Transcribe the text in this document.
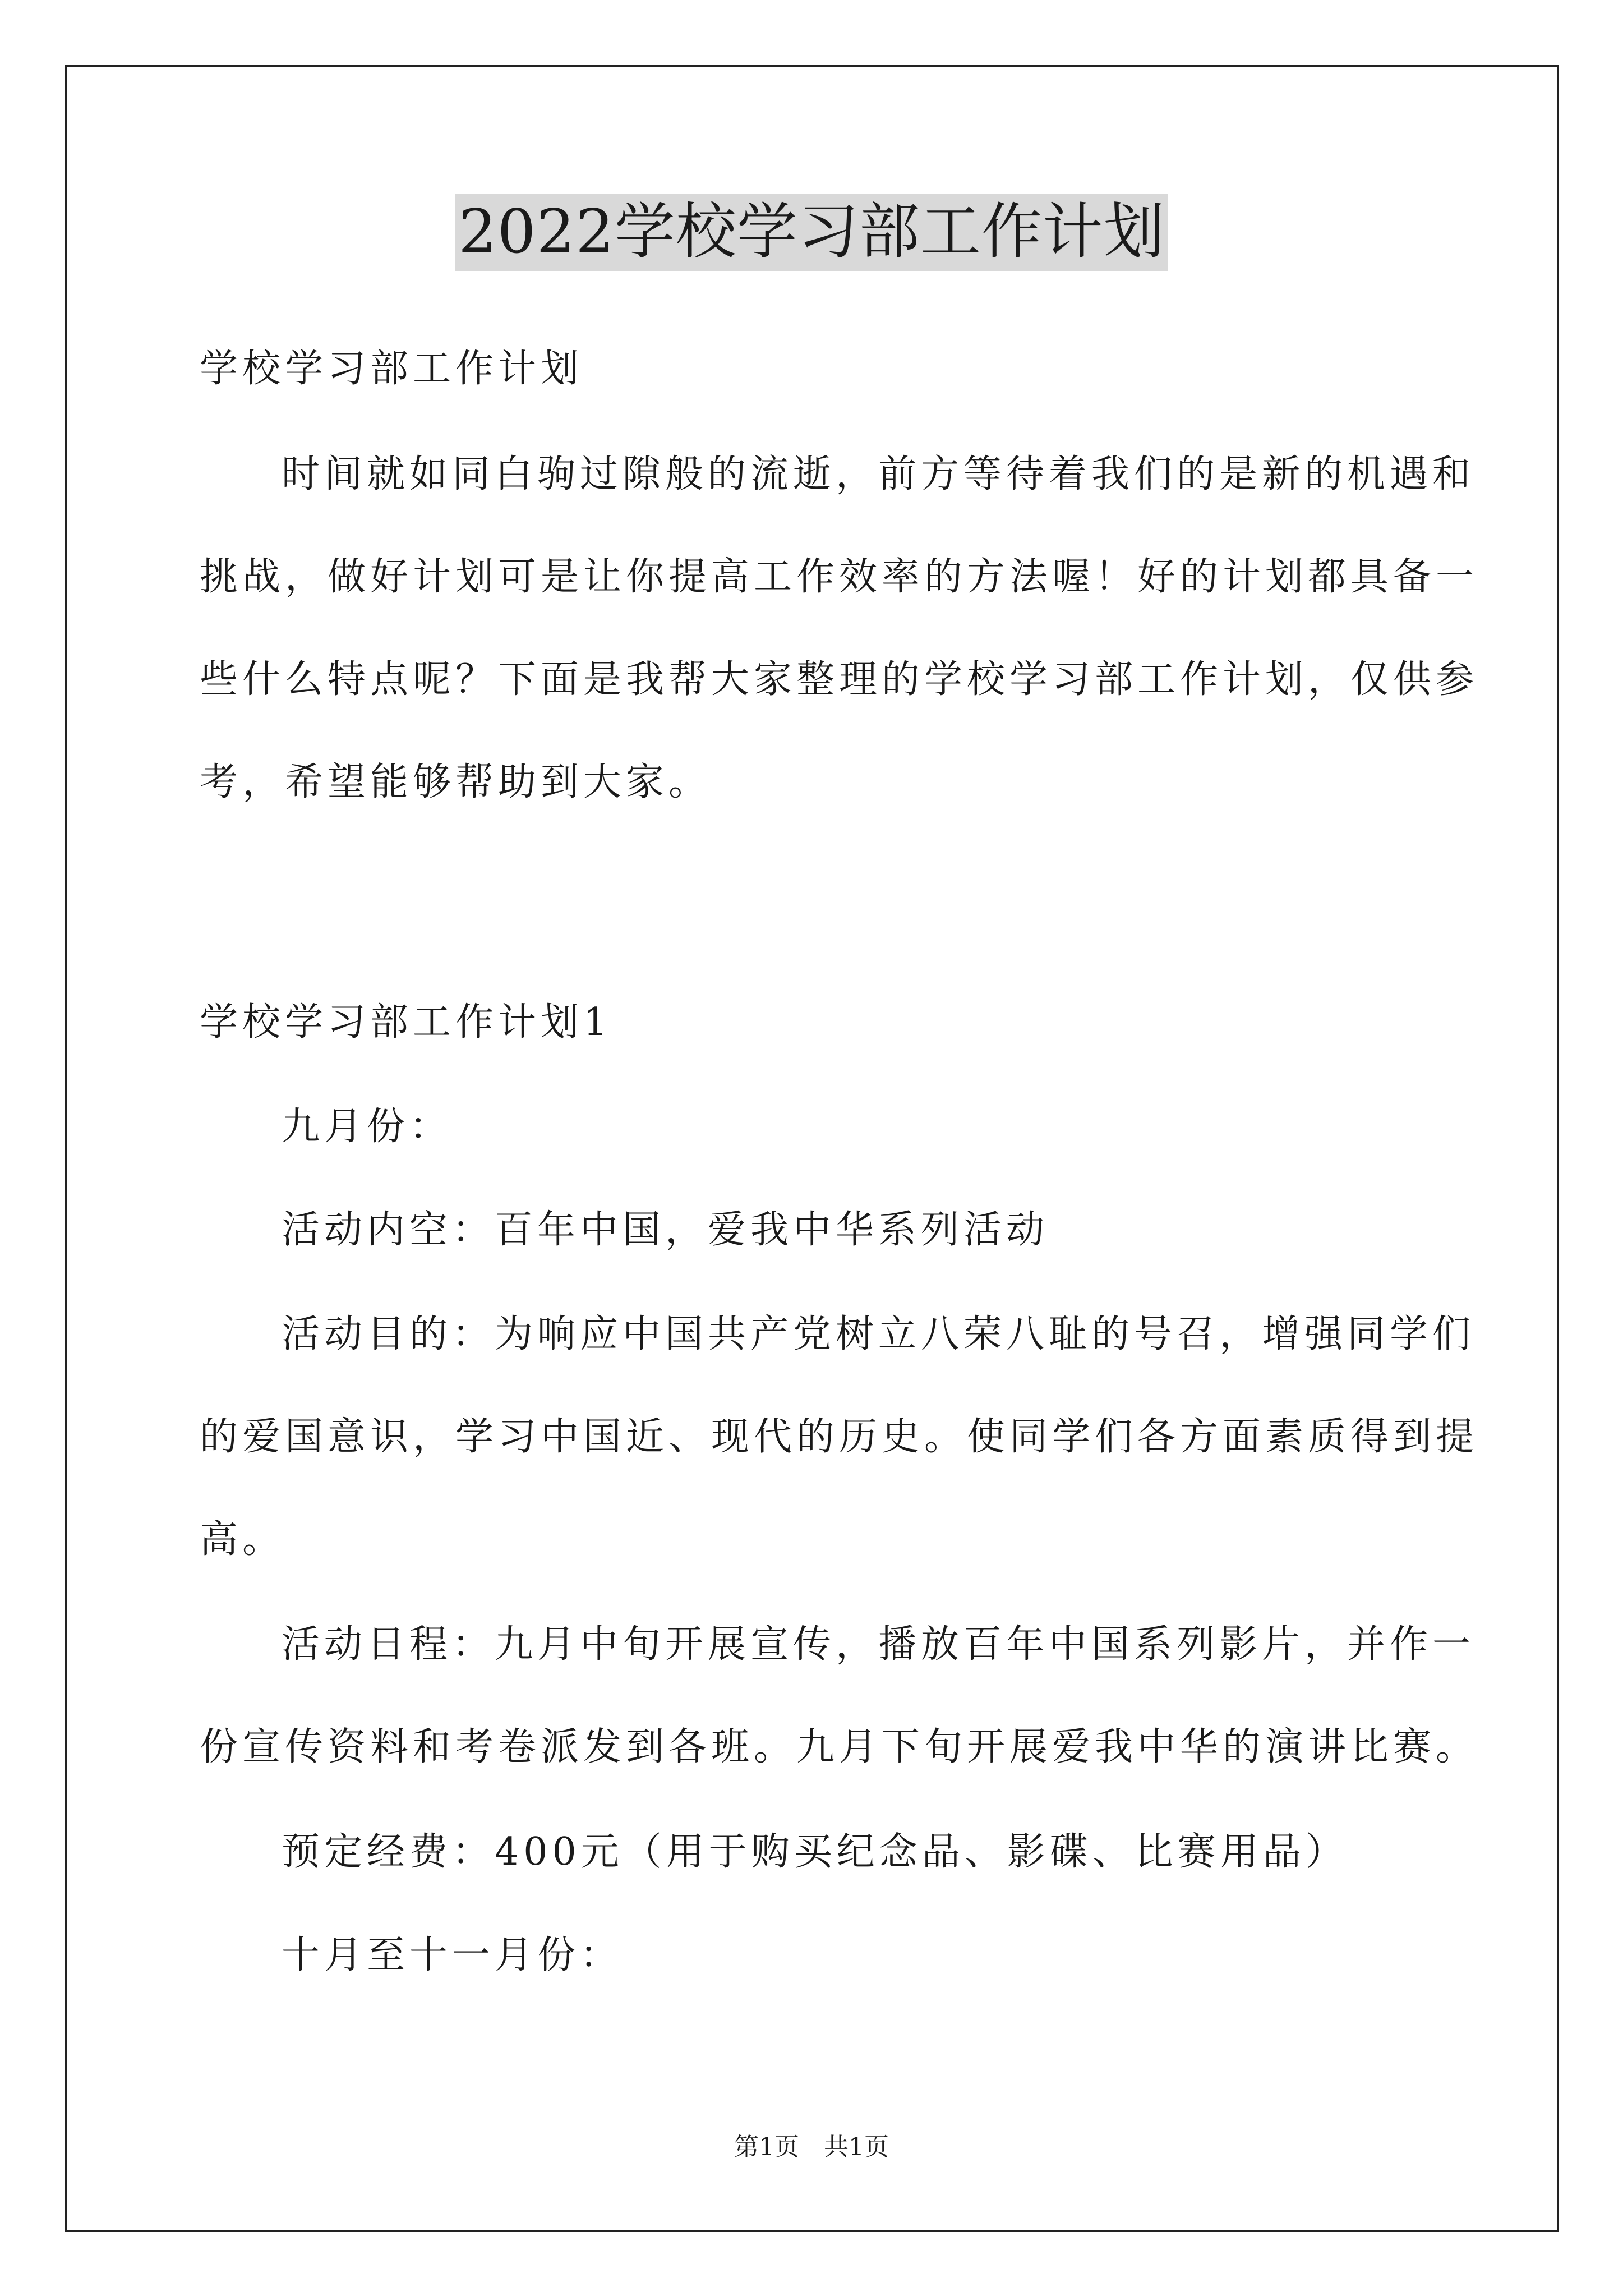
2022学校学习部工作计划

学校学习部工作计划

时间就如同白驹过隙般的流逝，前方等待着我们的是新的机遇和

挑战，做好计划可是让你提高工作效率的方法喔！好的计划都具备一

些什么特点呢？下面是我帮大家整理的学校学习部工作计划，仅供参

考，希望能够帮助到大家。

学校学习部工作计划1

九月份：

活动内空：百年中国，爱我中华系列活动

活动目的：为响应中国共产党树立八荣八耻的号召，增强同学们

的爱国意识，学习中国近、现代的历史。使同学们各方面素质得到提

高。

活动日程：九月中旬开展宣传，播放百年中国系列影片，并作一

份宣传资料和考卷派发到各班。九月下旬开展爱我中华的演讲比赛。

预定经费：400元（用于购买纪念品、影碟、比赛用品）

十月至十一月份：

第1页　共1页
